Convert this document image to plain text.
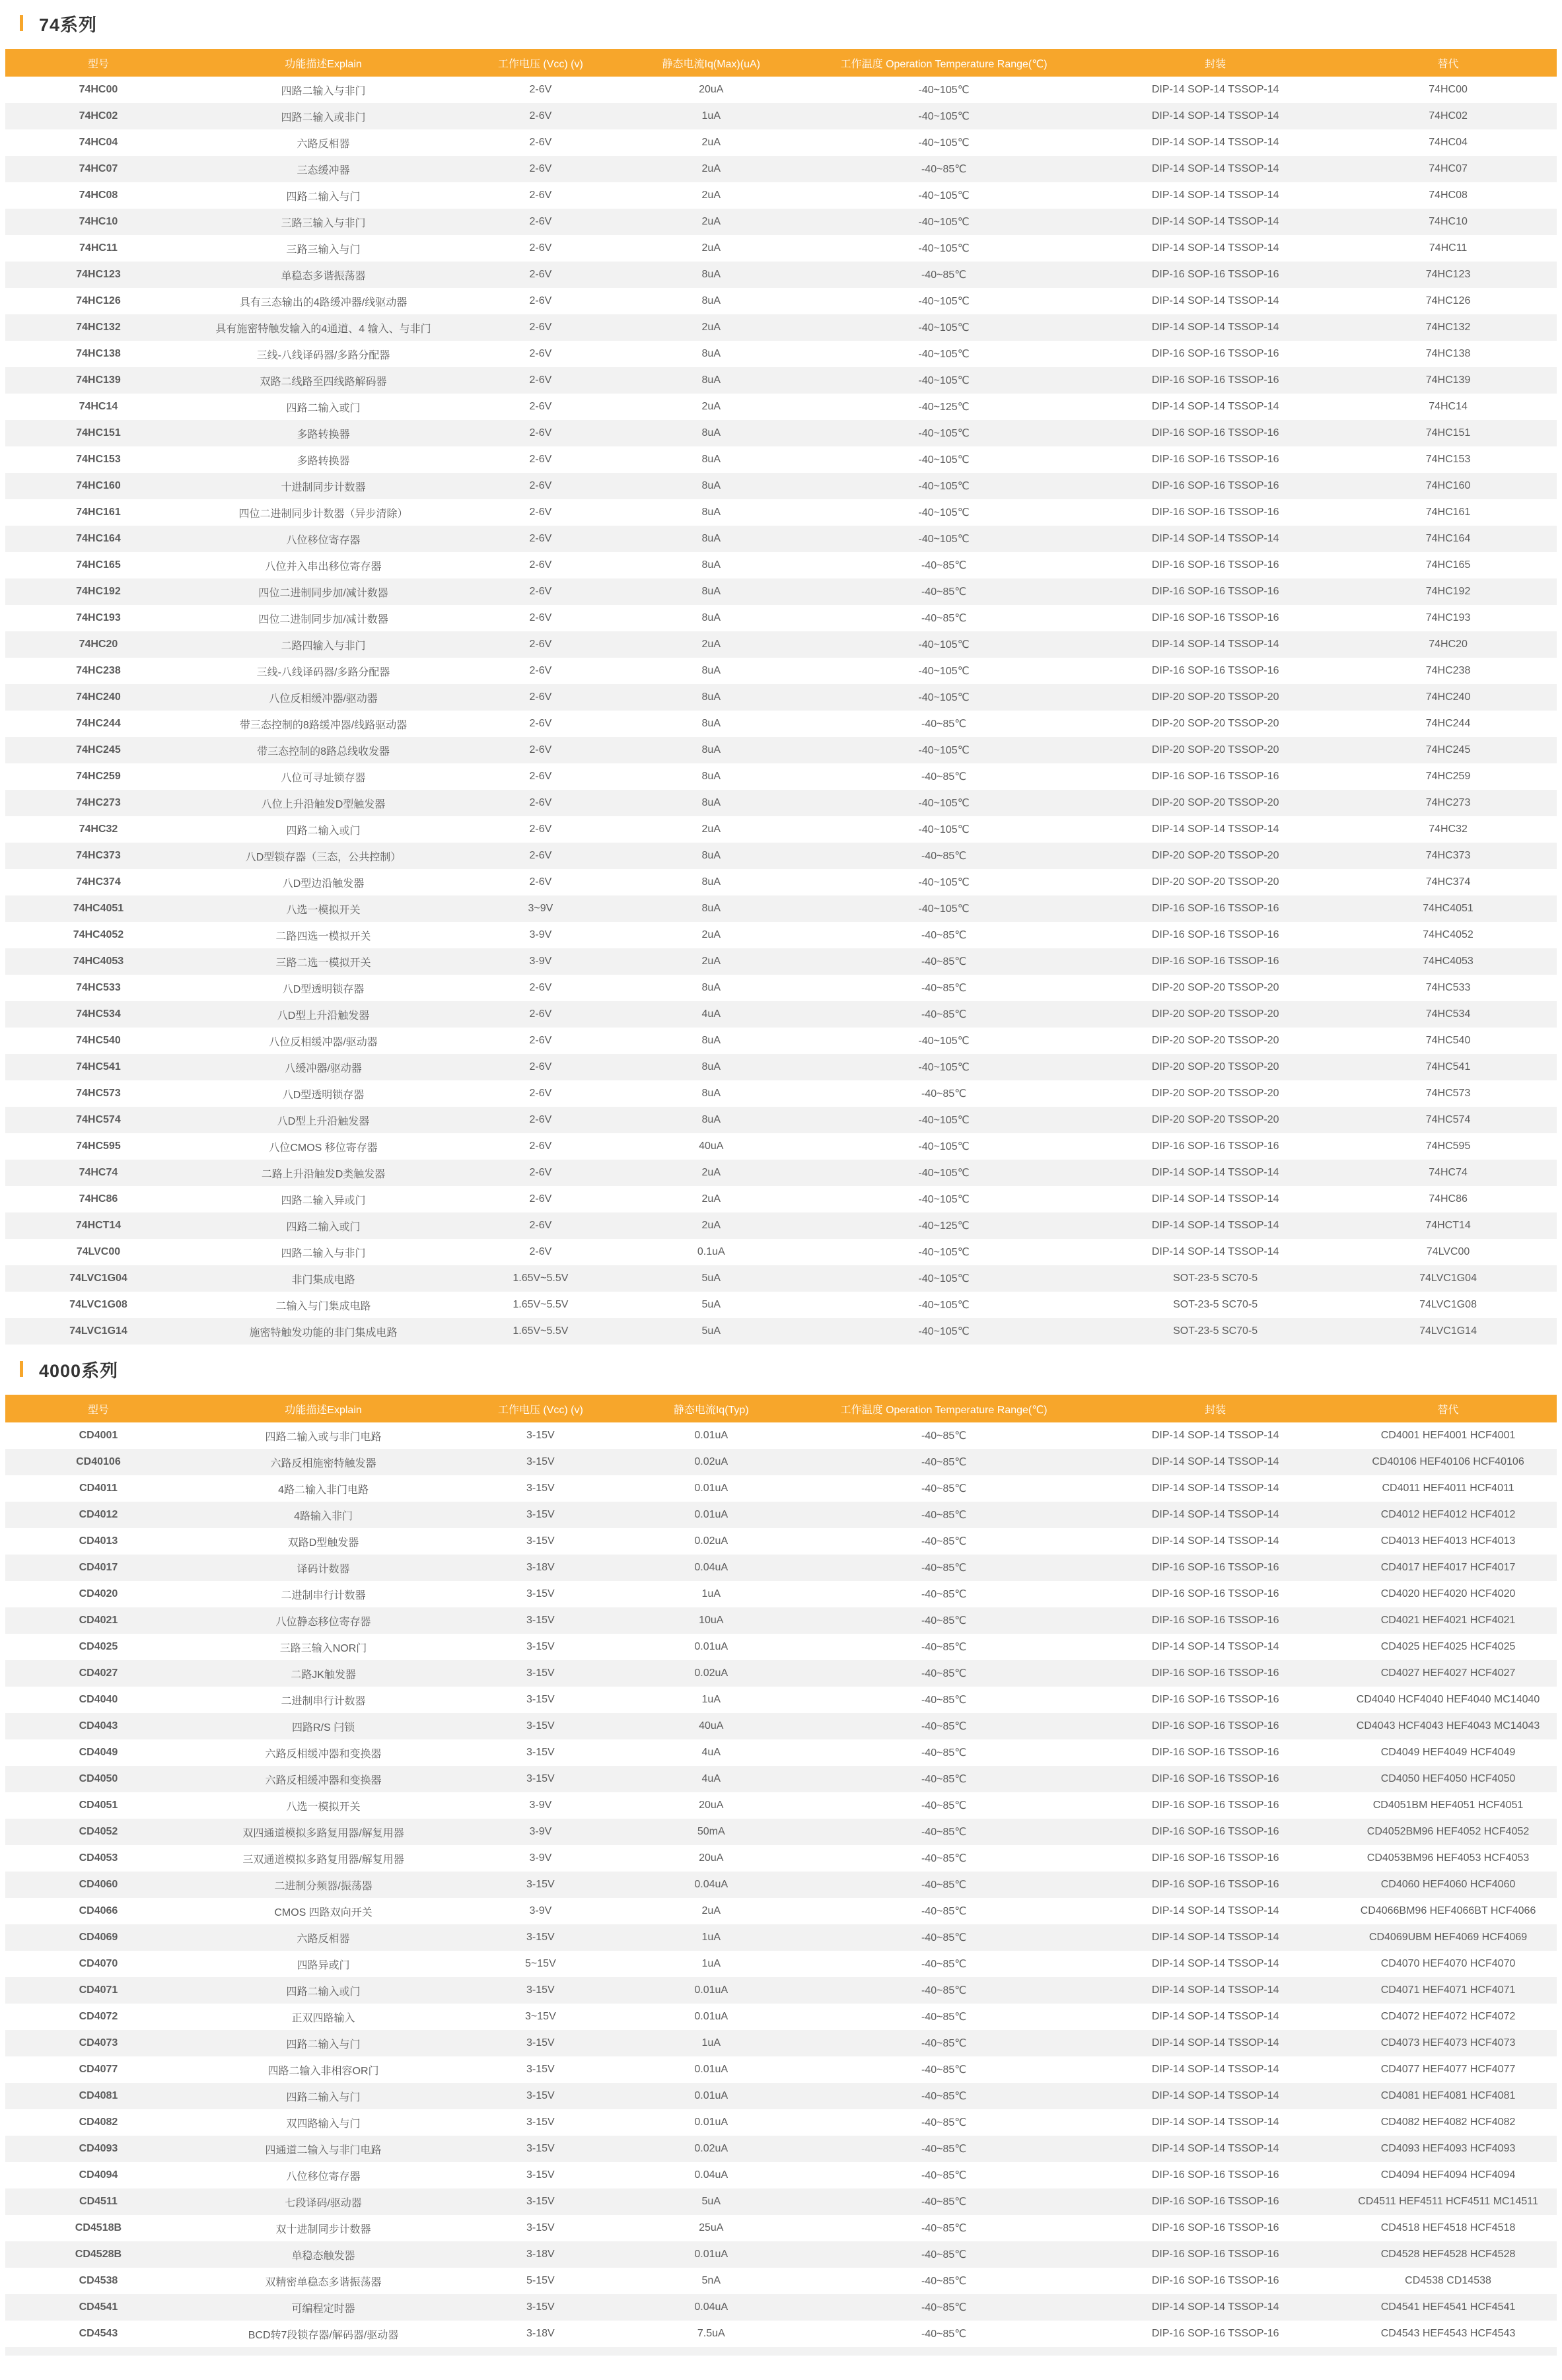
74系列
型号	功能描述Explain	工作电压 (Vcc) (v)	静态电流Iq(Max)(uA)	工作温度 Operation Temperature Range(℃)	封装	替代
74HC00	四路二输入与非门	2-6V	20uA	-40~105℃	DIP-14 SOP-14 TSSOP-14	74HC00
74HC02	四路二输入或非门	2-6V	1uA	-40~105℃	DIP-14 SOP-14 TSSOP-14	74HC02
74HC04	六路反相器	2-6V	2uA	-40~105℃	DIP-14 SOP-14 TSSOP-14	74HC04
74HC07	三态缓冲器	2-6V	2uA	-40~85℃	DIP-14 SOP-14 TSSOP-14	74HC07
74HC08	四路二输入与门	2-6V	2uA	-40~105℃	DIP-14 SOP-14 TSSOP-14	74HC08
74HC10	三路三输入与非门	2-6V	2uA	-40~105℃	DIP-14 SOP-14 TSSOP-14	74HC10
74HC11	三路三输入与门	2-6V	2uA	-40~105℃	DIP-14 SOP-14 TSSOP-14	74HC11
74HC123	单稳态多谐振荡器	2-6V	8uA	-40~85℃	DIP-16 SOP-16 TSSOP-16	74HC123
74HC126	具有三态输出的4路缓冲器/线驱动器	2-6V	8uA	-40~105℃	DIP-14 SOP-14 TSSOP-14	74HC126
74HC132	具有施密特触发输入的4通道、4 输入、与非门	2-6V	2uA	-40~105℃	DIP-14 SOP-14 TSSOP-14	74HC132
74HC138	三线-八线译码器/多路分配器	2-6V	8uA	-40~105℃	DIP-16 SOP-16 TSSOP-16	74HC138
74HC139	双路二线路至四线路解码器	2-6V	8uA	-40~105℃	DIP-16 SOP-16 TSSOP-16	74HC139
74HC14	四路二输入或门	2-6V	2uA	-40~125℃	DIP-14 SOP-14 TSSOP-14	74HC14
74HC151	多路转换器	2-6V	8uA	-40~105℃	DIP-16 SOP-16 TSSOP-16	74HC151
74HC153	多路转换器	2-6V	8uA	-40~105℃	DIP-16 SOP-16 TSSOP-16	74HC153
74HC160	十进制同步计数器	2-6V	8uA	-40~105℃	DIP-16 SOP-16 TSSOP-16	74HC160
74HC161	四位二进制同步计数器（异步清除）	2-6V	8uA	-40~105℃	DIP-16 SOP-16 TSSOP-16	74HC161
74HC164	八位移位寄存器	2-6V	8uA	-40~105℃	DIP-14 SOP-14 TSSOP-14	74HC164
74HC165	八位并入串出移位寄存器	2-6V	8uA	-40~85℃	DIP-16 SOP-16 TSSOP-16	74HC165
74HC192	四位二进制同步加/减计数器	2-6V	8uA	-40~85℃	DIP-16 SOP-16 TSSOP-16	74HC192
74HC193	四位二进制同步加/减计数器	2-6V	8uA	-40~85℃	DIP-16 SOP-16 TSSOP-16	74HC193
74HC20	二路四输入与非门	2-6V	2uA	-40~105℃	DIP-14 SOP-14 TSSOP-14	74HC20
74HC238	三线-八线译码器/多路分配器	2-6V	8uA	-40~105℃	DIP-16 SOP-16 TSSOP-16	74HC238
74HC240	八位反相缓冲器/驱动器	2-6V	8uA	-40~105℃	DIP-20 SOP-20 TSSOP-20	74HC240
74HC244	带三态控制的8路缓冲器/线路驱动器	2-6V	8uA	-40~85℃	DIP-20 SOP-20 TSSOP-20	74HC244
74HC245	带三态控制的8路总线收发器	2-6V	8uA	-40~105℃	DIP-20 SOP-20 TSSOP-20	74HC245
74HC259	八位可寻址锁存器	2-6V	8uA	-40~85℃	DIP-16 SOP-16 TSSOP-16	74HC259
74HC273	八位上升沿触发D型触发器	2-6V	8uA	-40~105℃	DIP-20 SOP-20 TSSOP-20	74HC273
74HC32	四路二输入或门	2-6V	2uA	-40~105℃	DIP-14 SOP-14 TSSOP-14	74HC32
74HC373	八D型锁存器（三态，公共控制）	2-6V	8uA	-40~85℃	DIP-20 SOP-20 TSSOP-20	74HC373
74HC374	八D型边沿触发器	2-6V	8uA	-40~105℃	DIP-20 SOP-20 TSSOP-20	74HC374
74HC4051	八选一模拟开关	3~9V	8uA	-40~105℃	DIP-16 SOP-16 TSSOP-16	74HC4051
74HC4052	二路四选一模拟开关	3-9V	2uA	-40~85℃	DIP-16 SOP-16 TSSOP-16	74HC4052
74HC4053	三路二选一模拟开关	3-9V	2uA	-40~85℃	DIP-16 SOP-16 TSSOP-16	74HC4053
74HC533	八D型透明锁存器	2-6V	8uA	-40~85℃	DIP-20 SOP-20 TSSOP-20	74HC533
74HC534	八D型上升沿触发器	2-6V	4uA	-40~85℃	DIP-20 SOP-20 TSSOP-20	74HC534
74HC540	八位反相缓冲器/驱动器	2-6V	8uA	-40~105℃	DIP-20 SOP-20 TSSOP-20	74HC540
74HC541	八缓冲器/驱动器	2-6V	8uA	-40~105℃	DIP-20 SOP-20 TSSOP-20	74HC541
74HC573	八D型透明锁存器	2-6V	8uA	-40~85℃	DIP-20 SOP-20 TSSOP-20	74HC573
74HC574	八D型上升沿触发器	2-6V	8uA	-40~105℃	DIP-20 SOP-20 TSSOP-20	74HC574
74HC595	八位CMOS 移位寄存器	2-6V	40uA	-40~105℃	DIP-16 SOP-16 TSSOP-16	74HC595
74HC74	二路上升沿触发D类触发器	2-6V	2uA	-40~105℃	DIP-14 SOP-14 TSSOP-14	74HC74
74HC86	四路二输入异或门	2-6V	2uA	-40~105℃	DIP-14 SOP-14 TSSOP-14	74HC86
74HCT14	四路二输入或门	2-6V	2uA	-40~125℃	DIP-14 SOP-14 TSSOP-14	74HCT14
74LVC00	四路二输入与非门	2-6V	0.1uA	-40~105℃	DIP-14 SOP-14 TSSOP-14	74LVC00
74LVC1G04	非门集成电路	1.65V~5.5V	5uA	-40~105℃	SOT-23-5 SC70-5	74LVC1G04
74LVC1G08	二输入与门集成电路	1.65V~5.5V	5uA	-40~105℃	SOT-23-5 SC70-5	74LVC1G08
74LVC1G14	施密特触发功能的非门集成电路	1.65V~5.5V	5uA	-40~105℃	SOT-23-5 SC70-5	74LVC1G14
4000系列
型号	功能描述Explain	工作电压 (Vcc) (v)	静态电流Iq(Typ)	工作温度 Operation Temperature Range(℃)	封装	替代
CD4001	四路二输入或与非门电路	3-15V	0.01uA	-40~85℃	DIP-14 SOP-14 TSSOP-14	CD4001 HEF4001 HCF4001
CD40106	六路反相施密特触发器	3-15V	0.02uA	-40~85℃	DIP-14 SOP-14 TSSOP-14	CD40106 HEF40106 HCF40106
CD4011	4路二输入非门电路	3-15V	0.01uA	-40~85℃	DIP-14 SOP-14 TSSOP-14	CD4011 HEF4011 HCF4011
CD4012	4路输入非门	3-15V	0.01uA	-40~85℃	DIP-14 SOP-14 TSSOP-14	CD4012 HEF4012 HCF4012
CD4013	双路D型触发器	3-15V	0.02uA	-40~85℃	DIP-14 SOP-14 TSSOP-14	CD4013 HEF4013 HCF4013
CD4017	译码计数器	3-18V	0.04uA	-40~85℃	DIP-16 SOP-16 TSSOP-16	CD4017 HEF4017 HCF4017
CD4020	二进制串行计数器	3-15V	1uA	-40~85℃	DIP-16 SOP-16 TSSOP-16	CD4020 HEF4020 HCF4020
CD4021	八位静态移位寄存器	3-15V	10uA	-40~85℃	DIP-16 SOP-16 TSSOP-16	CD4021 HEF4021 HCF4021
CD4025	三路三输入NOR门	3-15V	0.01uA	-40~85℃	DIP-14 SOP-14 TSSOP-14	CD4025 HEF4025 HCF4025
CD4027	二路JK触发器	3-15V	0.02uA	-40~85℃	DIP-16 SOP-16 TSSOP-16	CD4027 HEF4027 HCF4027
CD4040	二进制串行计数器	3-15V	1uA	-40~85℃	DIP-16 SOP-16 TSSOP-16	CD4040 HCF4040 HEF4040 MC14040
CD4043	四路R/S 闩锁	3-15V	40uA	-40~85℃	DIP-16 SOP-16 TSSOP-16	CD4043 HCF4043 HEF4043 MC14043
CD4049	六路反相缓冲器和变换器	3-15V	4uA	-40~85℃	DIP-16 SOP-16 TSSOP-16	CD4049 HEF4049 HCF4049
CD4050	六路反相缓冲器和变换器	3-15V	4uA	-40~85℃	DIP-16 SOP-16 TSSOP-16	CD4050 HEF4050 HCF4050
CD4051	八选一模拟开关	3-9V	20uA	-40~85℃	DIP-16 SOP-16 TSSOP-16	CD4051BM HEF4051 HCF4051
CD4052	双四通道模拟多路复用器/解复用器	3-9V	50mA	-40~85℃	DIP-16 SOP-16 TSSOP-16	CD4052BM96 HEF4052 HCF4052
CD4053	三双通道模拟多路复用器/解复用器	3-9V	20uA	-40~85℃	DIP-16 SOP-16 TSSOP-16	CD4053BM96 HEF4053 HCF4053
CD4060	二进制分频器/振荡器	3-15V	0.04uA	-40~85℃	DIP-16 SOP-16 TSSOP-16	CD4060 HEF4060 HCF4060
CD4066	CMOS 四路双向开关	3-9V	2uA	-40~85℃	DIP-14 SOP-14 TSSOP-14	CD4066BM96 HEF4066BT HCF4066
CD4069	六路反相器	3-15V	1uA	-40~85℃	DIP-14 SOP-14 TSSOP-14	CD4069UBM HEF4069 HCF4069
CD4070	四路异或门	5~15V	1uA	-40~85℃	DIP-14 SOP-14 TSSOP-14	CD4070 HEF4070 HCF4070
CD4071	四路二输入或门	3-15V	0.01uA	-40~85℃	DIP-14 SOP-14 TSSOP-14	CD4071 HEF4071 HCF4071
CD4072	正双四路输入	3~15V	0.01uA	-40~85℃	DIP-14 SOP-14 TSSOP-14	CD4072 HEF4072 HCF4072
CD4073	四路二输入与门	3-15V	1uA	-40~85℃	DIP-14 SOP-14 TSSOP-14	CD4073 HEF4073 HCF4073
CD4077	四路二输入非相容OR门	3-15V	0.01uA	-40~85℃	DIP-14 SOP-14 TSSOP-14	CD4077 HEF4077 HCF4077
CD4081	四路二输入与门	3-15V	0.01uA	-40~85℃	DIP-14 SOP-14 TSSOP-14	CD4081 HEF4081 HCF4081
CD4082	双四路输入与门	3-15V	0.01uA	-40~85℃	DIP-14 SOP-14 TSSOP-14	CD4082 HEF4082 HCF4082
CD4093	四通道二输入与非门电路	3-15V	0.02uA	-40~85℃	DIP-14 SOP-14 TSSOP-14	CD4093 HEF4093 HCF4093
CD4094	八位移位寄存器	3-15V	0.04uA	-40~85℃	DIP-16 SOP-16 TSSOP-16	CD4094 HEF4094 HCF4094
CD4511	七段译码/驱动器	3-15V	5uA	-40~85℃	DIP-16 SOP-16 TSSOP-16	CD4511 HEF4511 HCF4511 MC14511
CD4518B	双十进制同步计数器	3-15V	25uA	-40~85℃	DIP-16 SOP-16 TSSOP-16	CD4518 HEF4518 HCF4518
CD4528B	单稳态触发器	3-18V	0.01uA	-40~85℃	DIP-16 SOP-16 TSSOP-16	CD4528 HEF4528 HCF4528
CD4538	双精密单稳态多谐振荡器	5-15V	5nA	-40~85℃	DIP-16 SOP-16 TSSOP-16	CD4538 CD14538
CD4541	可编程定时器	3-15V	0.04uA	-40~85℃	DIP-14 SOP-14 TSSOP-14	CD4541 HEF4541 HCF4541
CD4543	BCD转7段锁存器/解码器/驱动器	3-18V	7.5uA	-40~85℃	DIP-16 SOP-16 TSSOP-16	CD4543 HEF4543 HCF4543
